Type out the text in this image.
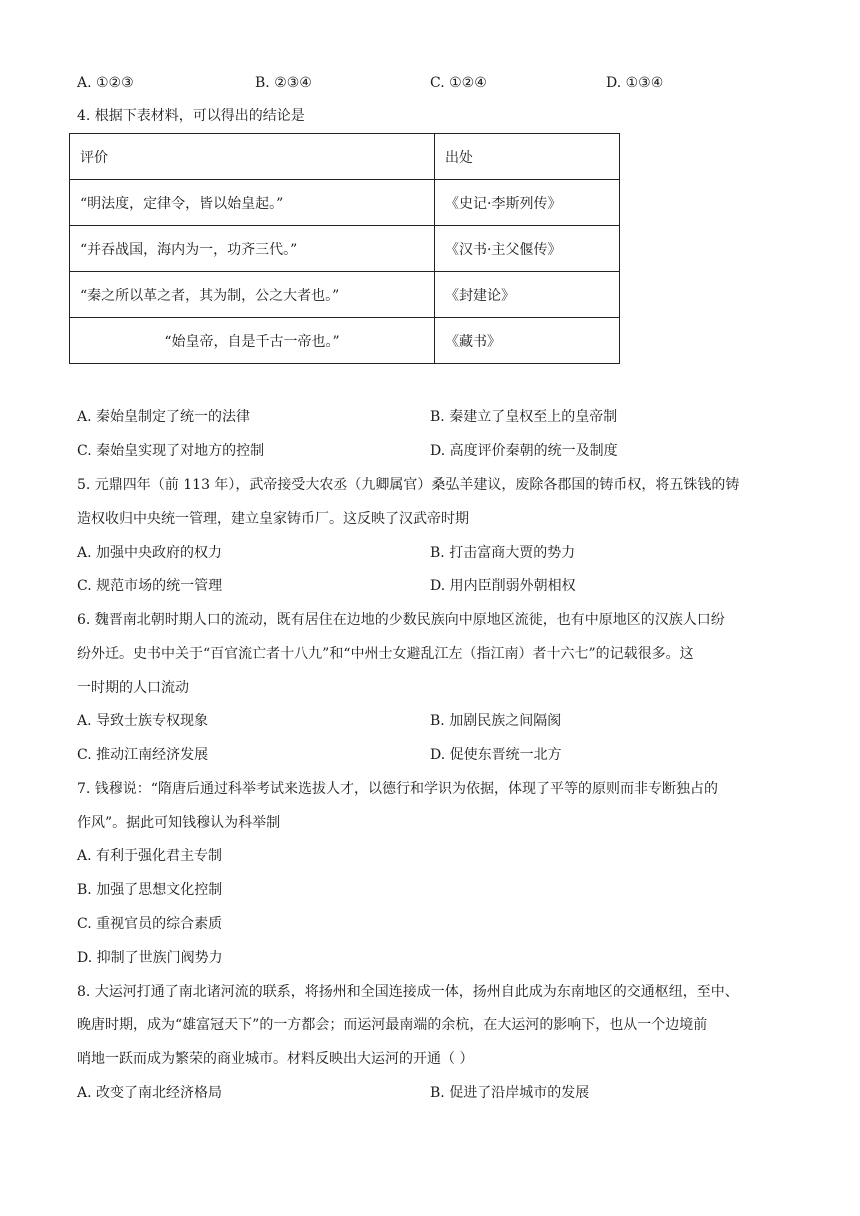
A. ①②③	B. ②③④	C. ①②④	D. ①③④
4. 根据下表材料，可以得出的结论是
评价	出处
“明法度，定律令，皆以始皇起。”	《史记·李斯列传》
“并吞战国，海内为一，功齐三代。”	《汉书·主父偃传》
“秦之所以革之者，其为制，公之大者也。”	《封建论》
“始皇帝，自是千古一帝也。”	《藏书》
A. 秦始皇制定了统一的法律	B. 秦建立了皇权至上的皇帝制
C. 秦始皇实现了对地方的控制	D. 高度评价秦朝的统一及制度
5. 元鼎四年（前 113 年），武帝接受大农丞（九卿属官）桑弘羊建议，废除各郡国的铸币权，将五铢钱的铸
造权收归中央统一管理，建立皇家铸币厂。这反映了汉武帝时期
A. 加强中央政府的权力	B. 打击富商大贾的势力
C. 规范市场的统一管理	D. 用内臣削弱外朝相权
6. 魏晋南北朝时期人口的流动，既有居住在边地的少数民族向中原地区流徙，也有中原地区的汉族人口纷
纷外迁。史书中关于“百官流亡者十八九”和“中州士女避乱江左（指江南）者十六七”的记载很多。这
一时期的人口流动
A. 导致士族专权现象	B. 加剧民族之间隔阂
C. 推动江南经济发展	D. 促使东晋统一北方
7. 钱穆说：“隋唐后通过科举考试来选拔人才，以德行和学识为依据，体现了平等的原则而非专断独占的
作风”。据此可知钱穆认为科举制
A. 有利于强化君主专制
B. 加强了思想文化控制
C. 重视官员的综合素质
D. 抑制了世族门阀势力
8. 大运河打通了南北诸河流的联系，将扬州和全国连接成一体，扬州自此成为东南地区的交通枢纽，至中、
晚唐时期，成为“雄富冠天下”的一方都会；而运河最南端的余杭，在大运河的影响下，也从一个边境前
哨地一跃而成为繁荣的商业城市。材料反映出大运河的开通（ ）
A. 改变了南北经济格局	B. 促进了沿岸城市的发展
